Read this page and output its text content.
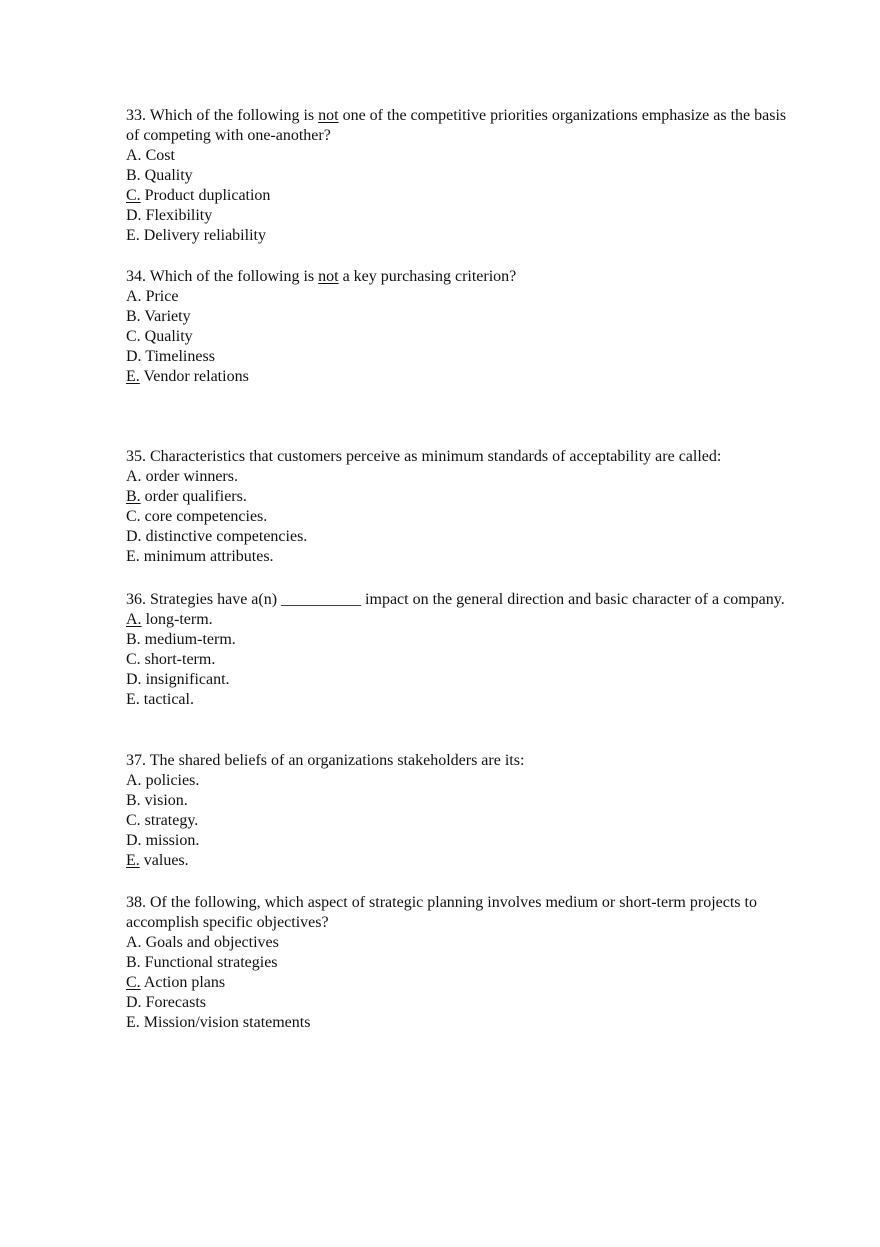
33. Which of the following is not one of the competitive priorities organizations emphasize as the basis of competing with one-another?

A. Cost

B. Quality

C. Product duplication

D. Flexibility

E. Delivery reliability

34. Which of the following is not a key purchasing criterion?

A. Price

B. Variety

C. Quality

D. Timeliness

E. Vendor relations

35. Characteristics that customers perceive as minimum standards of acceptability are called:

A. order winners.

B. order qualifiers.

C. core competencies.

D. distinctive competencies.

E. minimum attributes.

36. Strategies have a(n) __________ impact on the general direction and basic character of a company.

A. long-term.

B. medium-term.

C. short-term.

D. insignificant.

E. tactical.

37. The shared beliefs of an organizations stakeholders are its:

A. policies.

B. vision.

C. strategy.

D. mission.

E. values.

38. Of the following, which aspect of strategic planning involves medium or short-term projects to accomplish specific objectives?

A. Goals and objectives

B. Functional strategies

C. Action plans

D. Forecasts

E. Mission/vision statements
